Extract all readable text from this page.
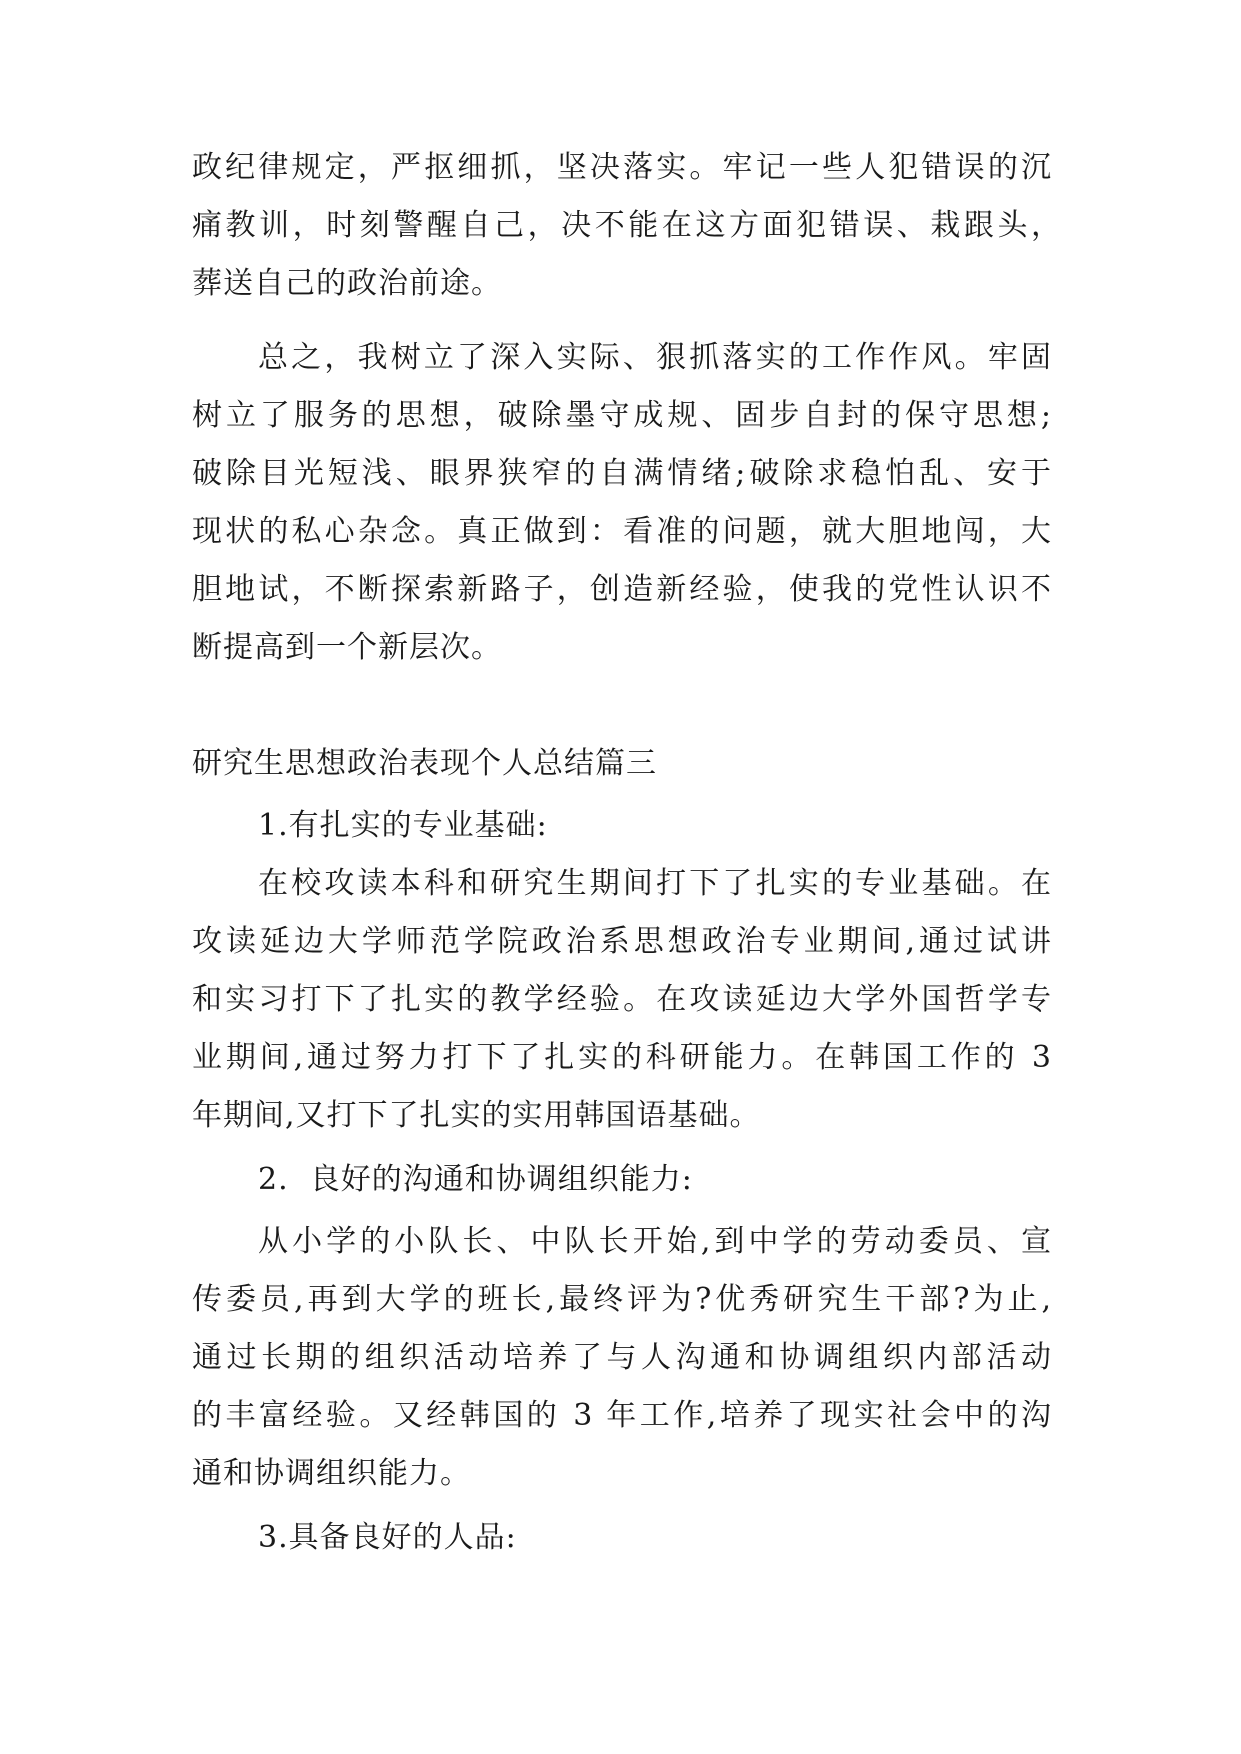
政纪律规定，严抠细抓，坚决落实。牢记一些人犯错误的沉
痛教训，时刻警醒自己，决不能在这方面犯错误、栽跟头，
葬送自己的政治前途。
总之，我树立了深入实际、狠抓落实的工作作风。牢固
树立了服务的思想，破除墨守成规、固步自封的保守思想;
破除目光短浅、眼界狭窄的自满情绪;破除求稳怕乱、安于
现状的私心杂念。真正做到：看准的问题，就大胆地闯，大
胆地试，不断探索新路子，创造新经验，使我的党性认识不
断提高到一个新层次。
研究生思想政治表现个人总结篇三
1.有扎实的专业基础:
在校攻读本科和研究生期间打下了扎实的专业基础。在
攻读延边大学师范学院政治系思想政治专业期间,通过试讲
和实习打下了扎实的教学经验。在攻读延边大学外国哲学专
业期间,通过努力打下了扎实的科研能力。在韩国工作的 3
年期间,又打下了扎实的实用韩国语基础。
2.  良好的沟通和协调组织能力:
从小学的小队长、中队长开始,到中学的劳动委员、宣
传委员,再到大学的班长,最终评为?优秀研究生干部?为止,
通过长期的组织活动培养了与人沟通和协调组织内部活动
的丰富经验。又经韩国的 3 年工作,培养了现实社会中的沟
通和协调组织能力。
3.具备良好的人品:
